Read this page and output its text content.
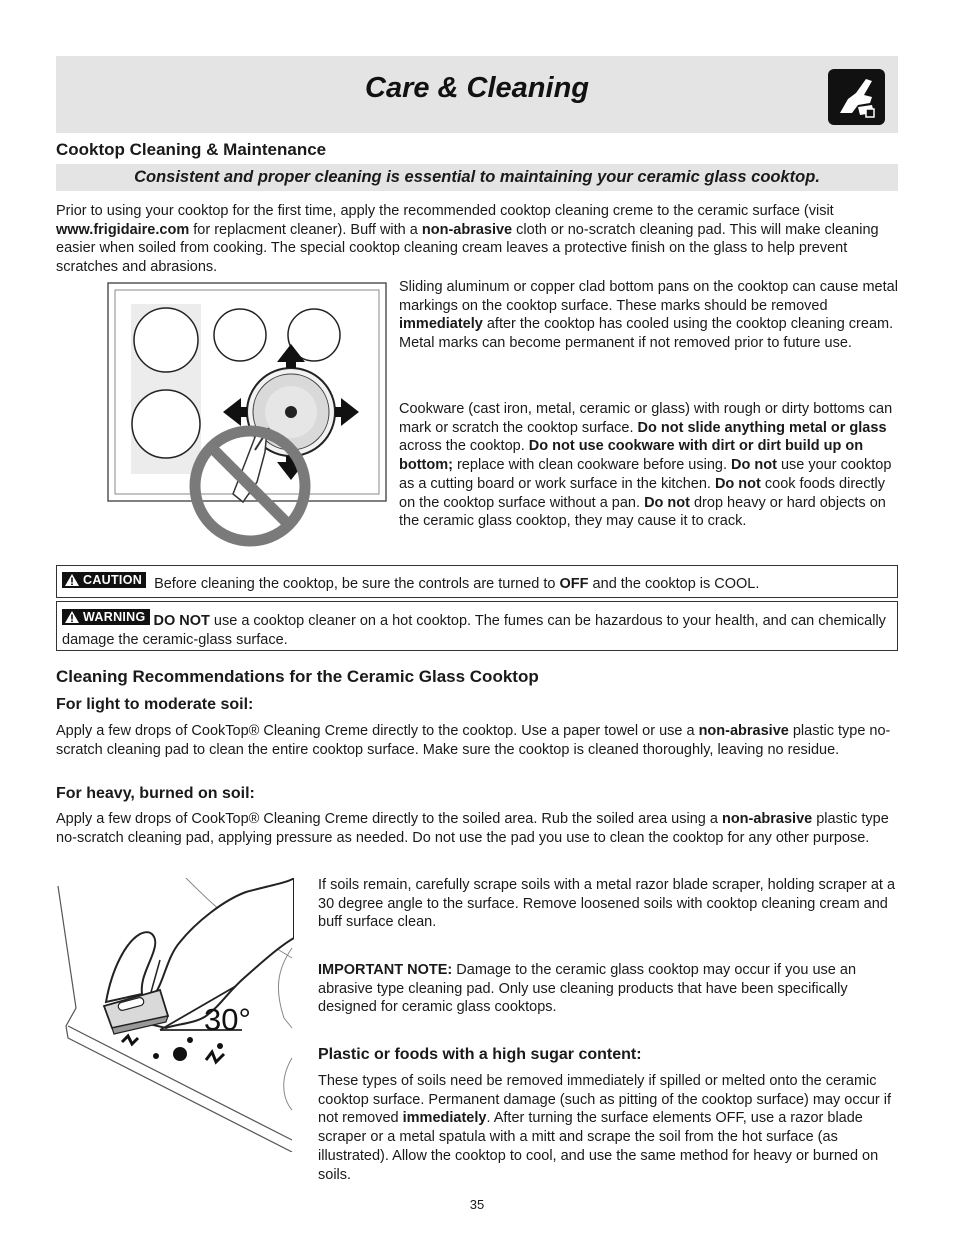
Care & Cleaning
Cooktop Cleaning & Maintenance
Consistent and proper cleaning is essential to maintaining your ceramic glass cooktop.
Prior to using your cooktop for the first time, apply the recommended cooktop cleaning creme to the ceramic surface (visit www.frigidaire.com for replacment cleaner). Buff with a non-abrasive cloth or no-scratch cleaning pad. This will make cleaning easier when soiled from cooking. The special cooktop cleaning cream leaves a protective finish on the glass to help prevent scratches and abrasions.
Sliding aluminum or copper clad bottom pans on the cooktop can cause metal markings on the cooktop surface. These marks should be removed immediately after the cooktop has cooled using the cooktop cleaning cream. Metal marks can become permanent if not removed prior to future use.
Cookware (cast iron, metal, ceramic or glass) with rough or dirty bottoms can mark or scratch the cooktop surface. Do not slide anything metal or glass across the cooktop. Do not use cookware with dirt or dirt build up on bottom; replace with clean cookware before using. Do not use your cooktop as a cutting board or work surface in the kitchen. Do not cook foods directly on the cooktop surface without a pan. Do not drop heavy or hard objects on the ceramic glass cooktop, they may cause it to crack.
CAUTION Before cleaning the cooktop, be sure the controls are turned to OFF and the cooktop is COOL.
WARNING DO NOT use a cooktop cleaner on a hot cooktop. The fumes can be hazardous to your health, and can chemically damage the ceramic-glass surface.
Cleaning Recommendations for the Ceramic Glass Cooktop
For light to moderate soil:
Apply a few drops of CookTop® Cleaning Creme directly to the cooktop. Use a paper towel or use a non-abrasive plastic type no-scratch cleaning pad to clean the entire cooktop surface. Make sure the cooktop is cleaned thoroughly, leaving no residue.
For heavy, burned on soil:
Apply a few drops of CookTop® Cleaning Creme directly to the soiled area. Rub the soiled area using a non-abrasive plastic type no-scratch cleaning pad, applying pressure as needed. Do not use the pad you use to clean the cooktop for any other purpose.
30°
If soils remain, carefully scrape soils with a metal razor blade scraper, holding scraper at a 30 degree angle to the surface. Remove loosened soils with cooktop cleaning cream and buff surface clean.
IMPORTANT NOTE: Damage to the ceramic glass cooktop may occur if you use an abrasive type cleaning pad. Only use cleaning products that have been specifically designed for ceramic glass cooktops.
Plastic or foods with a high sugar content:
These types of soils need be removed immediately if spilled or melted onto the ceramic cooktop surface. Permanent damage (such as pitting of the cooktop surface) may occur if not removed immediately. After turning the surface elements OFF, use a razor blade scraper or a metal spatula with a mitt and scrape the soil from the hot surface (as illustrated). Allow the cooktop to cool, and use the same method for heavy or burned on soils.
35
